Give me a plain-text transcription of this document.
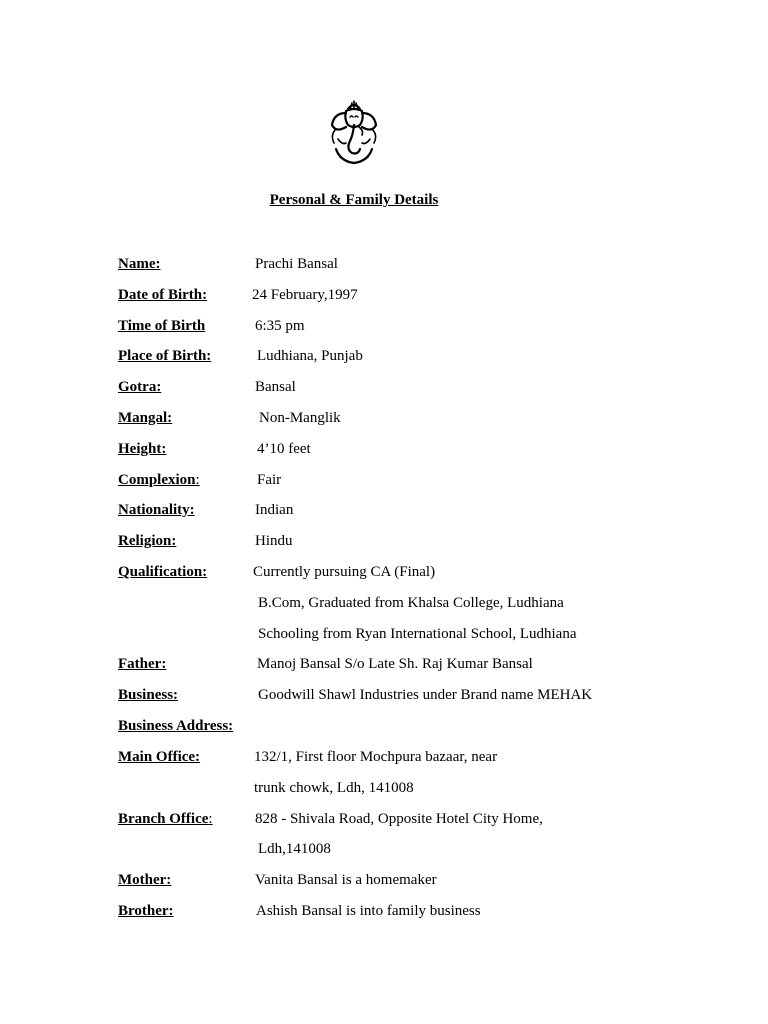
Personal & Family Details
Name:	Prachi Bansal
Date of Birth:	24 February,1997
Time of Birth	6:35 pm
Place of Birth:	Ludhiana, Punjab
Gotra:	Bansal
Mangal:	Non-Manglik
Height:	4’10 feet
Complexion:	Fair
Nationality:	Indian
Religion:	Hindu
Qualification:	Currently pursuing CA (Final)
B.Com, Graduated from Khalsa College, Ludhiana
Schooling from Ryan International School, Ludhiana
Father:	Manoj Bansal S/o Late Sh. Raj Kumar Bansal
Business:	Goodwill Shawl Industries under Brand name MEHAK
Business Address:
Main Office:	132/1, First floor Mochpura bazaar, near
trunk chowk, Ldh, 141008
Branch Office:	828 - Shivala Road, Opposite Hotel City Home,
Ldh,141008
Mother:	Vanita Bansal is a homemaker
Brother:	Ashish Bansal is into family business
